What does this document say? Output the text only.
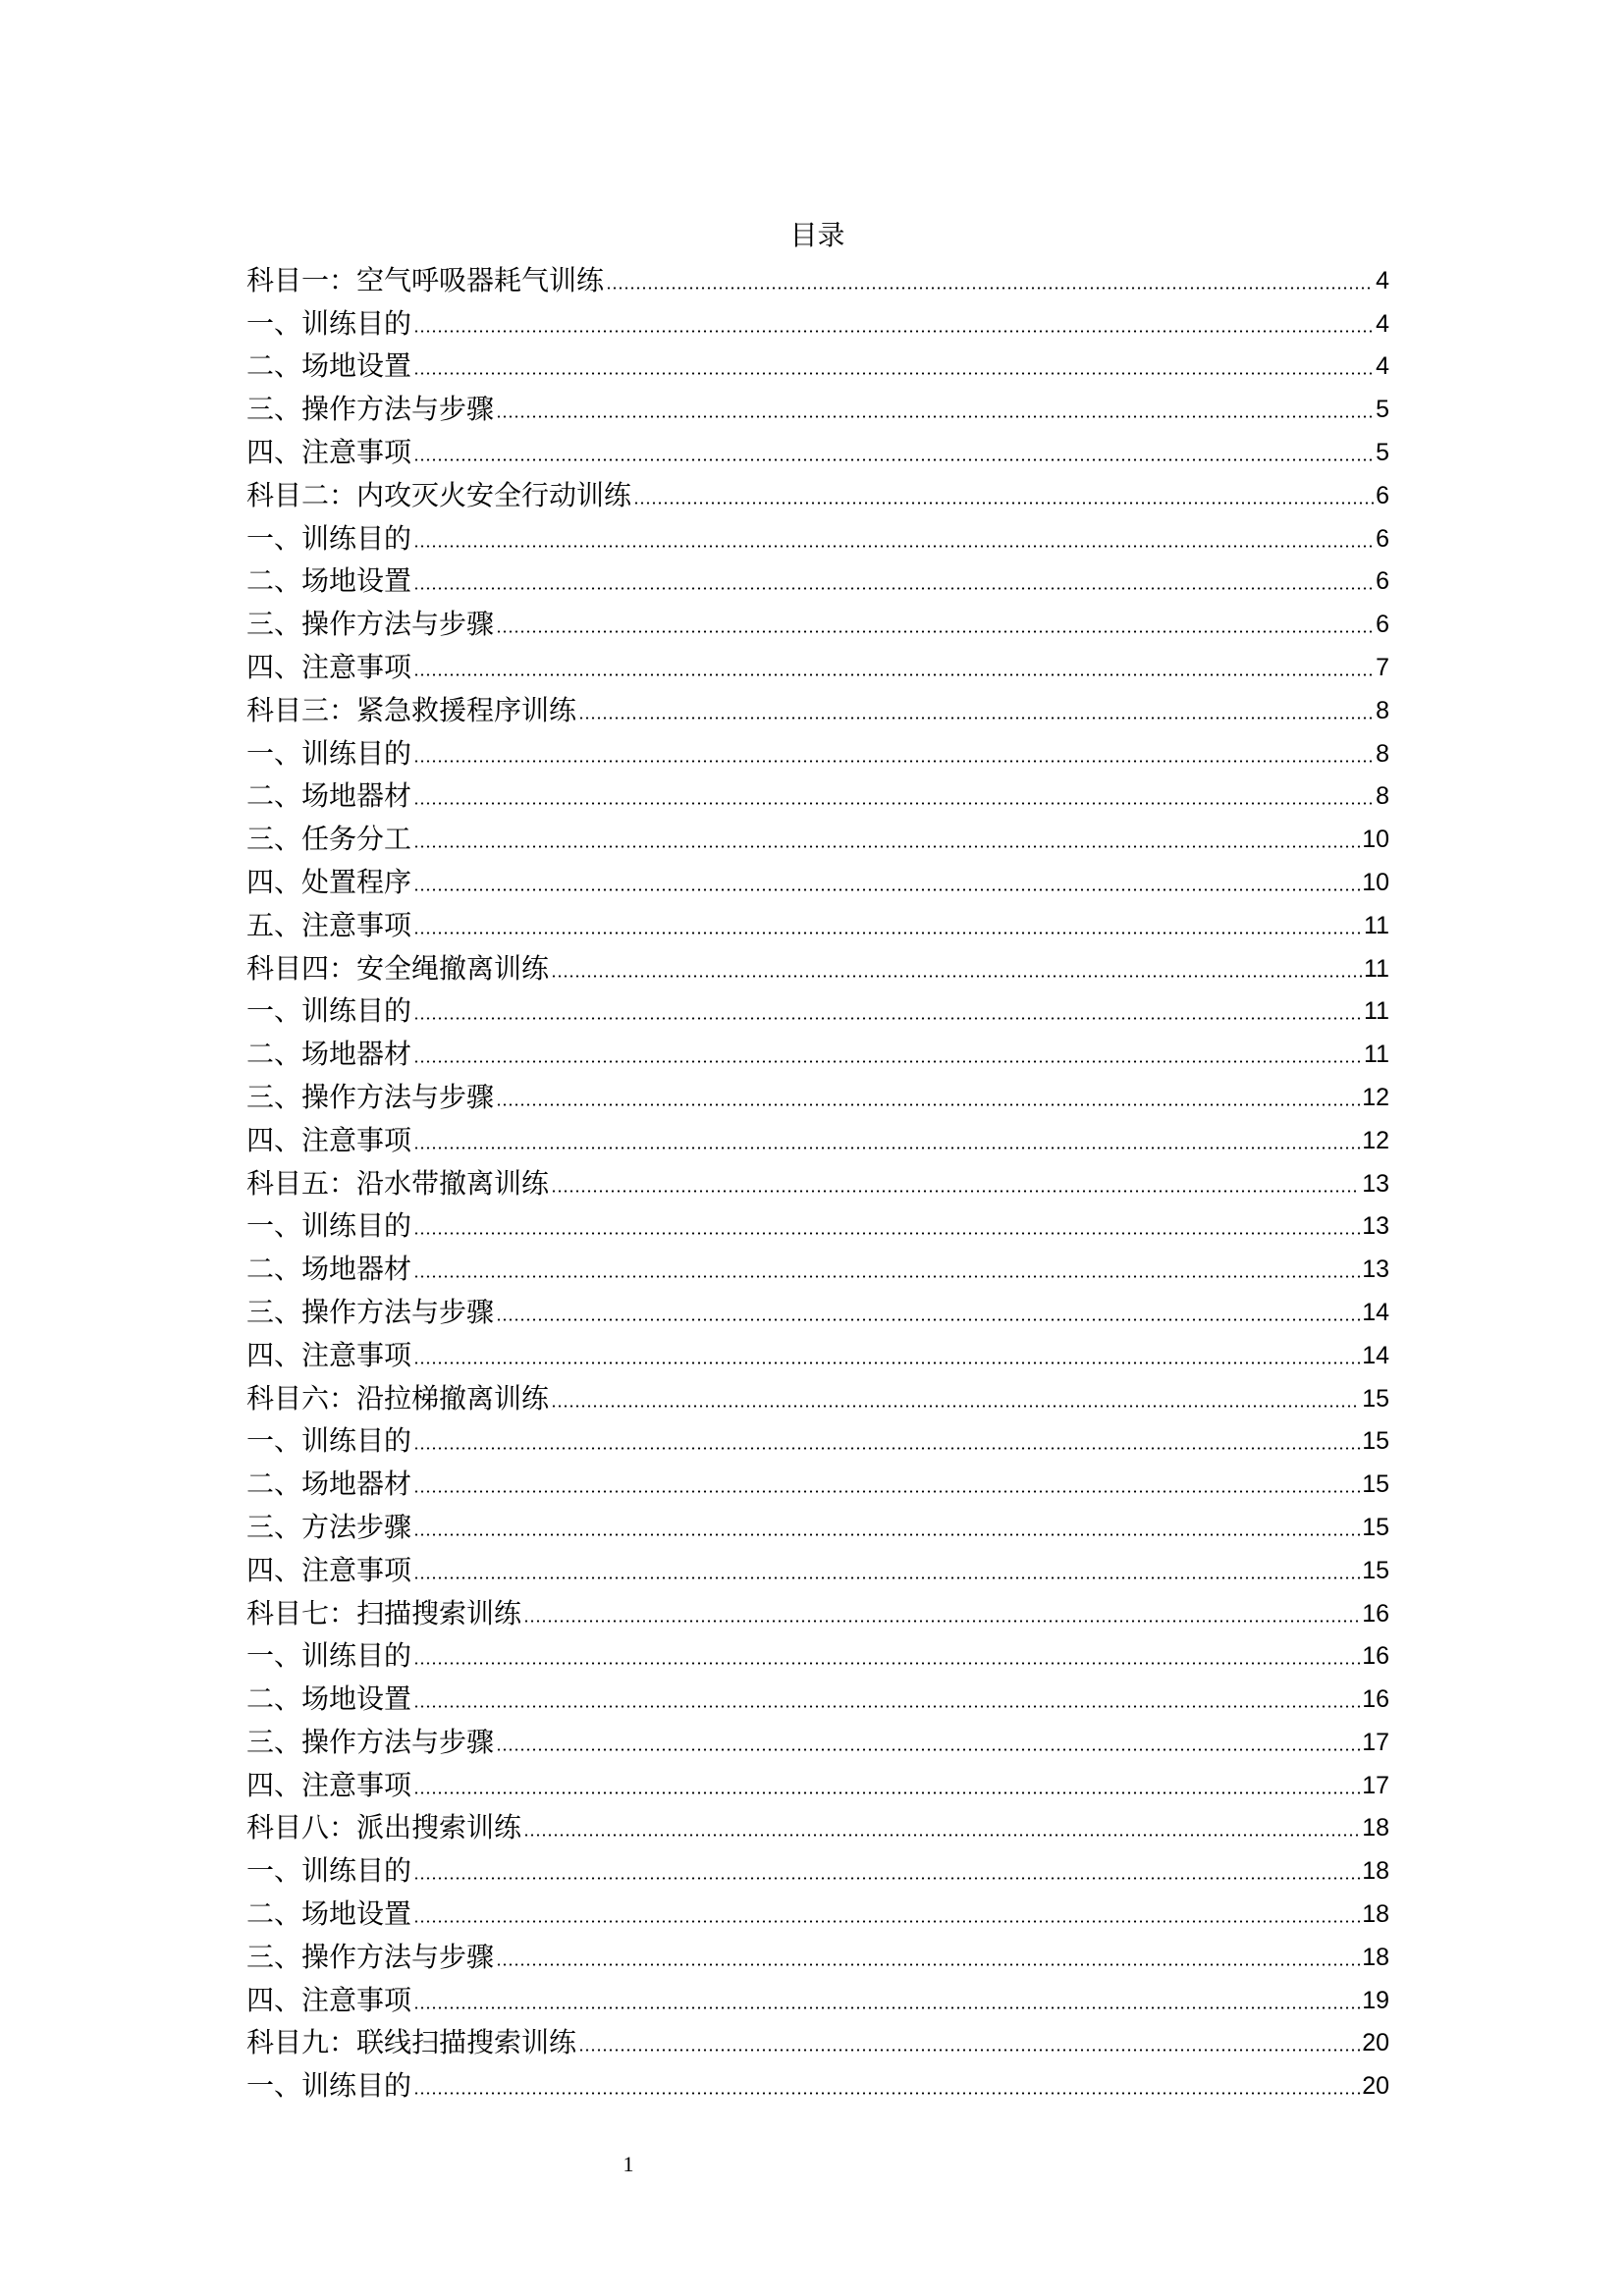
目录
科目一：空气呼吸器耗气训练	4
一、训练目的	4
二、场地设置	4
三、操作方法与步骤	5
四、注意事项	5
科目二：内攻灭火安全行动训练	6
一、训练目的	6
二、场地设置	6
三、操作方法与步骤	6
四、注意事项	7
科目三：紧急救援程序训练	8
一、训练目的	8
二、场地器材	8
三、任务分工	10
四、处置程序	10
五、注意事项	11
科目四：安全绳撤离训练	11
一、训练目的	11
二、场地器材	11
三、操作方法与步骤	12
四、注意事项	12
科目五：沿水带撤离训练	13
一、训练目的	13
二、场地器材	13
三、操作方法与步骤	14
四、注意事项	14
科目六：沿拉梯撤离训练	15
一、训练目的	15
二、场地器材	15
三、方法步骤	15
四、注意事项	15
科目七：扫描搜索训练	16
一、训练目的	16
二、场地设置	16
三、操作方法与步骤	17
四、注意事项	17
科目八：派出搜索训练	18
一、训练目的	18
二、场地设置	18
三、操作方法与步骤	18
四、注意事项	19
科目九：联线扫描搜索训练	20
一、训练目的	20
1
